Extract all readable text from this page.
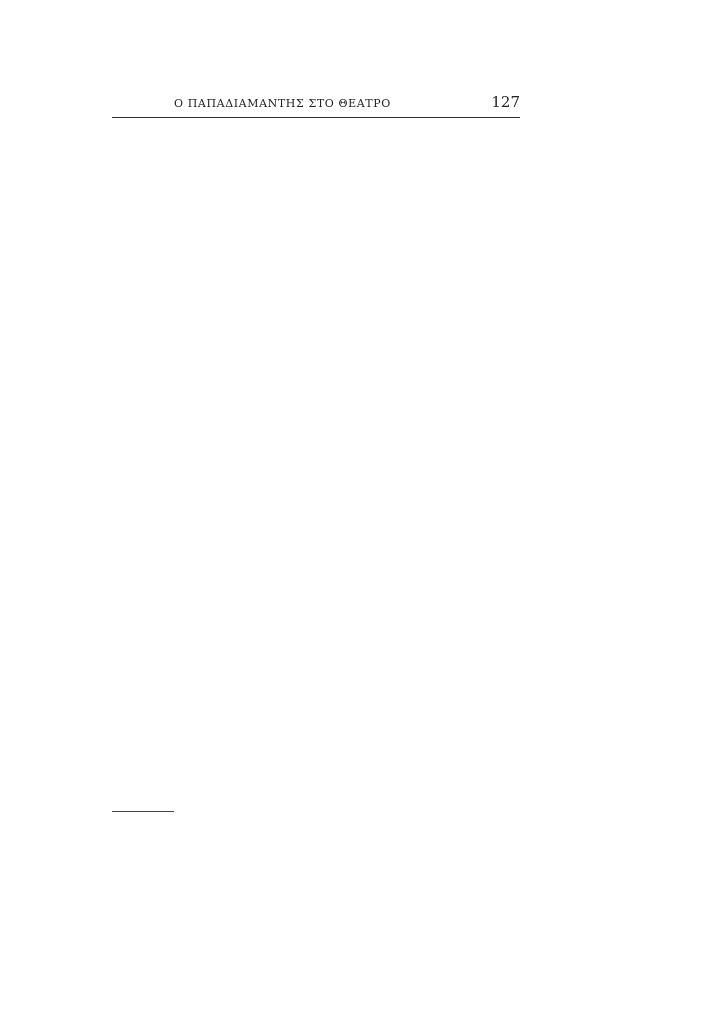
Ο ΠΑΠΑΔΙΑΜΑΝΤΗΣ ΣΤΟ ΘΕΑΤΡΟ	127
